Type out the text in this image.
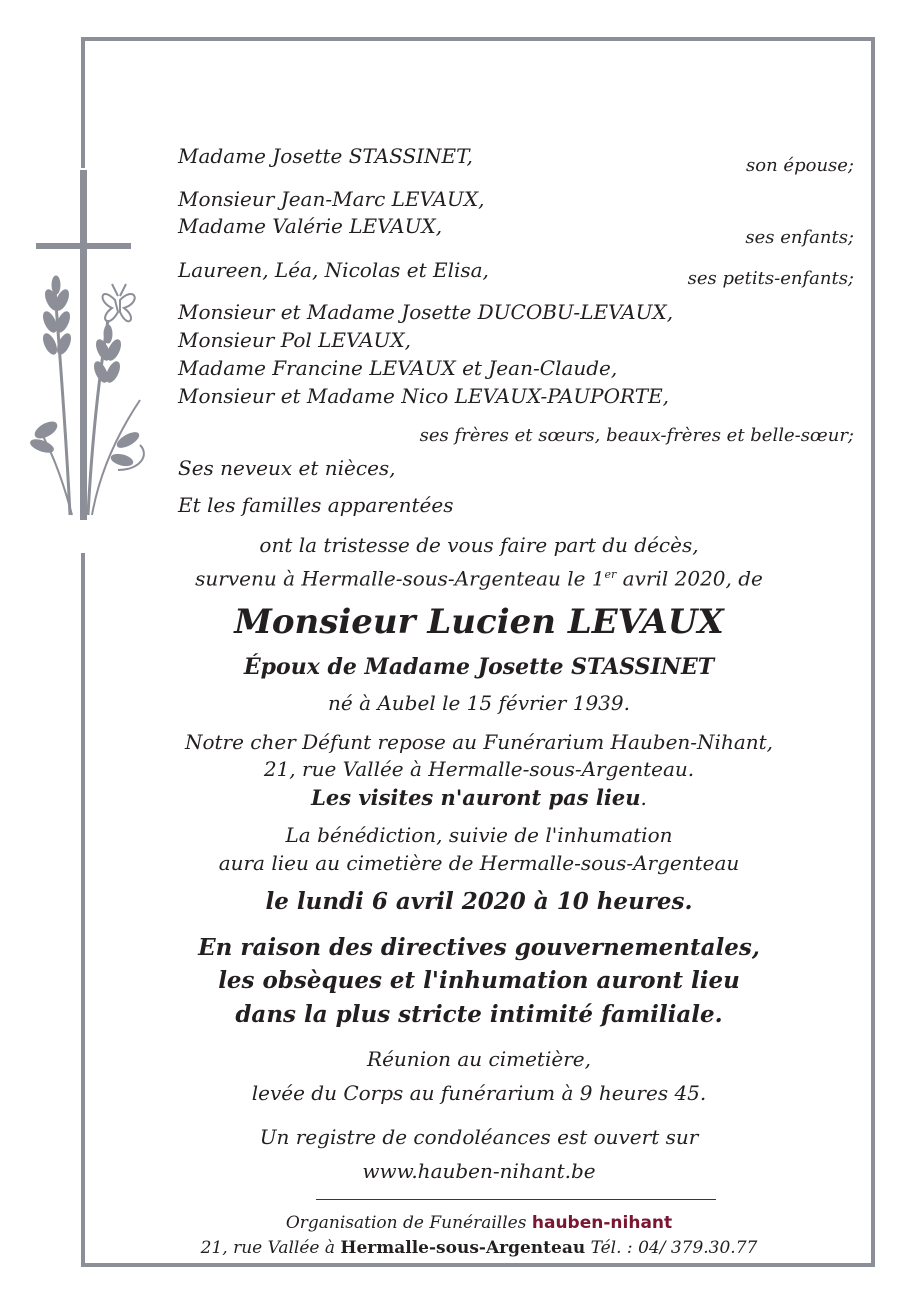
Madame Josette STASSINET,	son épouse;
Monsieur Jean-Marc LEVAUX,
Madame Valérie LEVAUX,	ses enfants;
Laureen, Léa, Nicolas et Elisa,	ses petits-enfants;
Monsieur et Madame Josette DUCOBU-LEVAUX,
Monsieur Pol LEVAUX,
Madame Francine LEVAUX et Jean-Claude,
Monsieur et Madame Nico LEVAUX-PAUPORTE,
ses frères et sœurs, beaux-frères et belle-sœur;
Ses neveux et nièces,
Et les familles apparentées
ont la tristesse de vous faire part du décès,
survenu à Hermalle-sous-Argenteau le 1er avril 2020, de
Monsieur Lucien LEVAUX
Époux de Madame Josette STASSINET
né à Aubel le 15 février 1939.
Notre cher Défunt repose au Funérarium Hauben-Nihant,
21, rue Vallée à Hermalle-sous-Argenteau.
Les visites n'auront pas lieu.
La bénédiction, suivie de l'inhumation
aura lieu au cimetière de Hermalle-sous-Argenteau
le lundi 6 avril 2020 à 10 heures.
En raison des directives gouvernementales,
les obsèques et l'inhumation auront lieu
dans la plus stricte intimité familiale.
Réunion au cimetière,
levée du Corps au funérarium à 9 heures 45.
Un registre de condoléances est ouvert sur
www.hauben-nihant.be
Organisation de Funérailles hauben-nihant
21, rue Vallée à Hermalle-sous-Argenteau Tél. : 04/ 379.30.77
